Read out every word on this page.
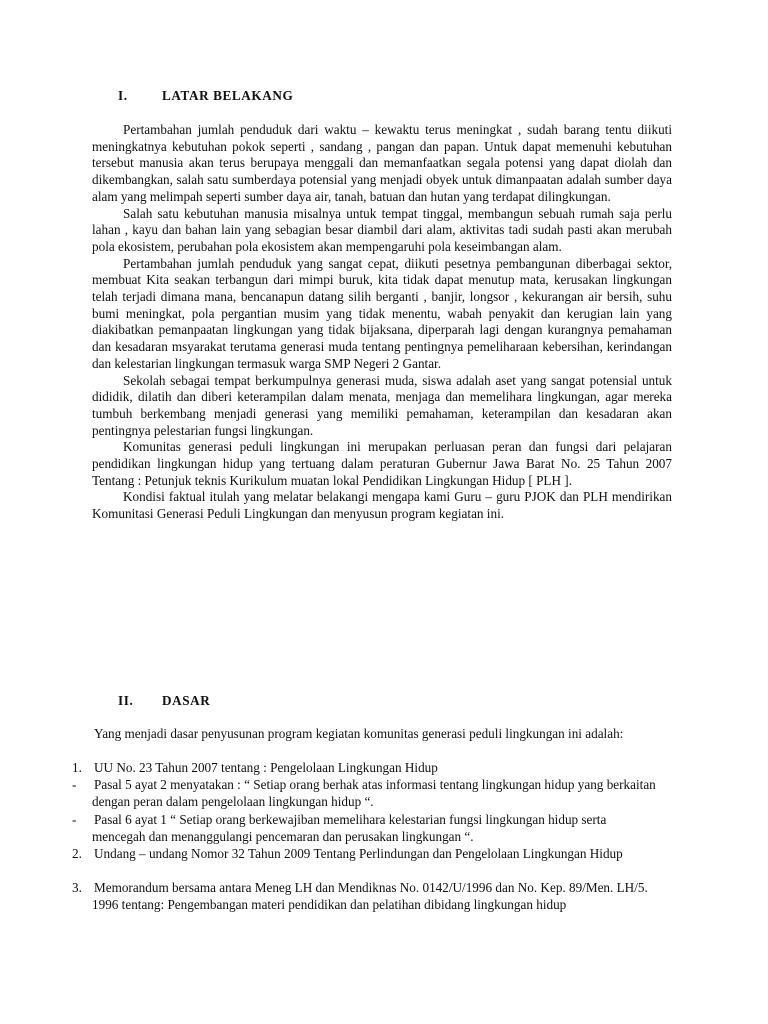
I.	LATAR BELAKANG

Pertambahan jumlah penduduk dari waktu – kewaktu terus meningkat , sudah barang tentu diikuti meningkatnya kebutuhan pokok seperti , sandang , pangan dan papan. Untuk dapat memenuhi kebutuhan tersebut manusia akan terus berupaya menggali dan memanfaatkan segala potensi yang dapat diolah dan dikembangkan, salah satu sumberdaya potensial yang menjadi obyek untuk dimanpaatan adalah sumber daya alam yang melimpah seperti sumber daya air, tanah, batuan dan hutan yang terdapat dilingkungan.

Salah satu kebutuhan manusia misalnya untuk tempat tinggal, membangun sebuah rumah saja perlu lahan , kayu dan bahan lain yang sebagian besar diambil dari alam, aktivitas tadi sudah pasti akan merubah pola ekosistem, perubahan pola ekosistem akan mempengaruhi pola keseimbangan alam.

Pertambahan jumlah penduduk yang sangat cepat, diikuti pesetnya pembangunan diberbagai sektor, membuat Kita seakan terbangun dari mimpi buruk, kita tidak dapat menutup mata, kerusakan lingkungan telah terjadi dimana mana, bencanapun datang silih berganti , banjir, longsor , kekurangan air bersih, suhu bumi meningkat, pola pergantian musim yang tidak menentu, wabah penyakit dan kerugian lain yang diakibatkan pemanpaatan lingkungan yang tidak bijaksana, diperparah lagi dengan kurangnya pemahaman dan kesadaran msyarakat terutama generasi muda tentang pentingnya pemeliharaan kebersihan, kerindangan dan kelestarian lingkungan termasuk warga SMP Negeri 2 Gantar.

Sekolah sebagai tempat berkumpulnya generasi muda, siswa adalah aset yang sangat potensial untuk dididik, dilatih dan diberi keterampilan dalam menata, menjaga dan memelihara lingkungan, agar mereka tumbuh berkembang menjadi generasi yang memiliki pemahaman, keterampilan dan kesadaran akan pentingnya pelestarian fungsi lingkungan.

Komunitas generasi peduli lingkungan ini merupakan perluasan peran dan fungsi dari pelajaran pendidikan lingkungan hidup yang tertuang dalam peraturan Gubernur Jawa Barat No. 25 Tahun 2007 Tentang : Petunjuk teknis Kurikulum muatan lokal Pendidikan Lingkungan Hidup [ PLH ].

Kondisi faktual itulah yang melatar belakangi mengapa kami Guru – guru PJOK dan PLH mendirikan Komunitasi Generasi Peduli Lingkungan dan menyusun program kegiatan ini.

II. DASAR
Yang menjadi dasar penyusunan program kegiatan komunitas generasi peduli lingkungan ini adalah:
1. UU No. 23 Tahun 2007 tentang : Pengelolaan Lingkungan Hidup
- Pasal 5 ayat 2 menyatakan : “ Setiap orang berhak atas informasi tentang lingkungan hidup yang berkaitan dengan peran dalam pengelolaan lingkungan hidup “.
- Pasal 6 ayat 1 “ Setiap orang berkewajiban memelihara kelestarian fungsi lingkungan hidup serta mencegah dan menanggulangi pencemaran dan perusakan lingkungan “.
2. Undang – undang Nomor 32 Tahun 2009 Tentang Perlindungan dan Pengelolaan Lingkungan Hidup
3. Memorandum bersama antara Meneg LH dan Mendiknas No. 0142/U/1996 dan No. Kep. 89/Men. LH/5. 1996 tentang: Pengembangan materi pendidikan dan pelatihan dibidang lingkungan hidup
